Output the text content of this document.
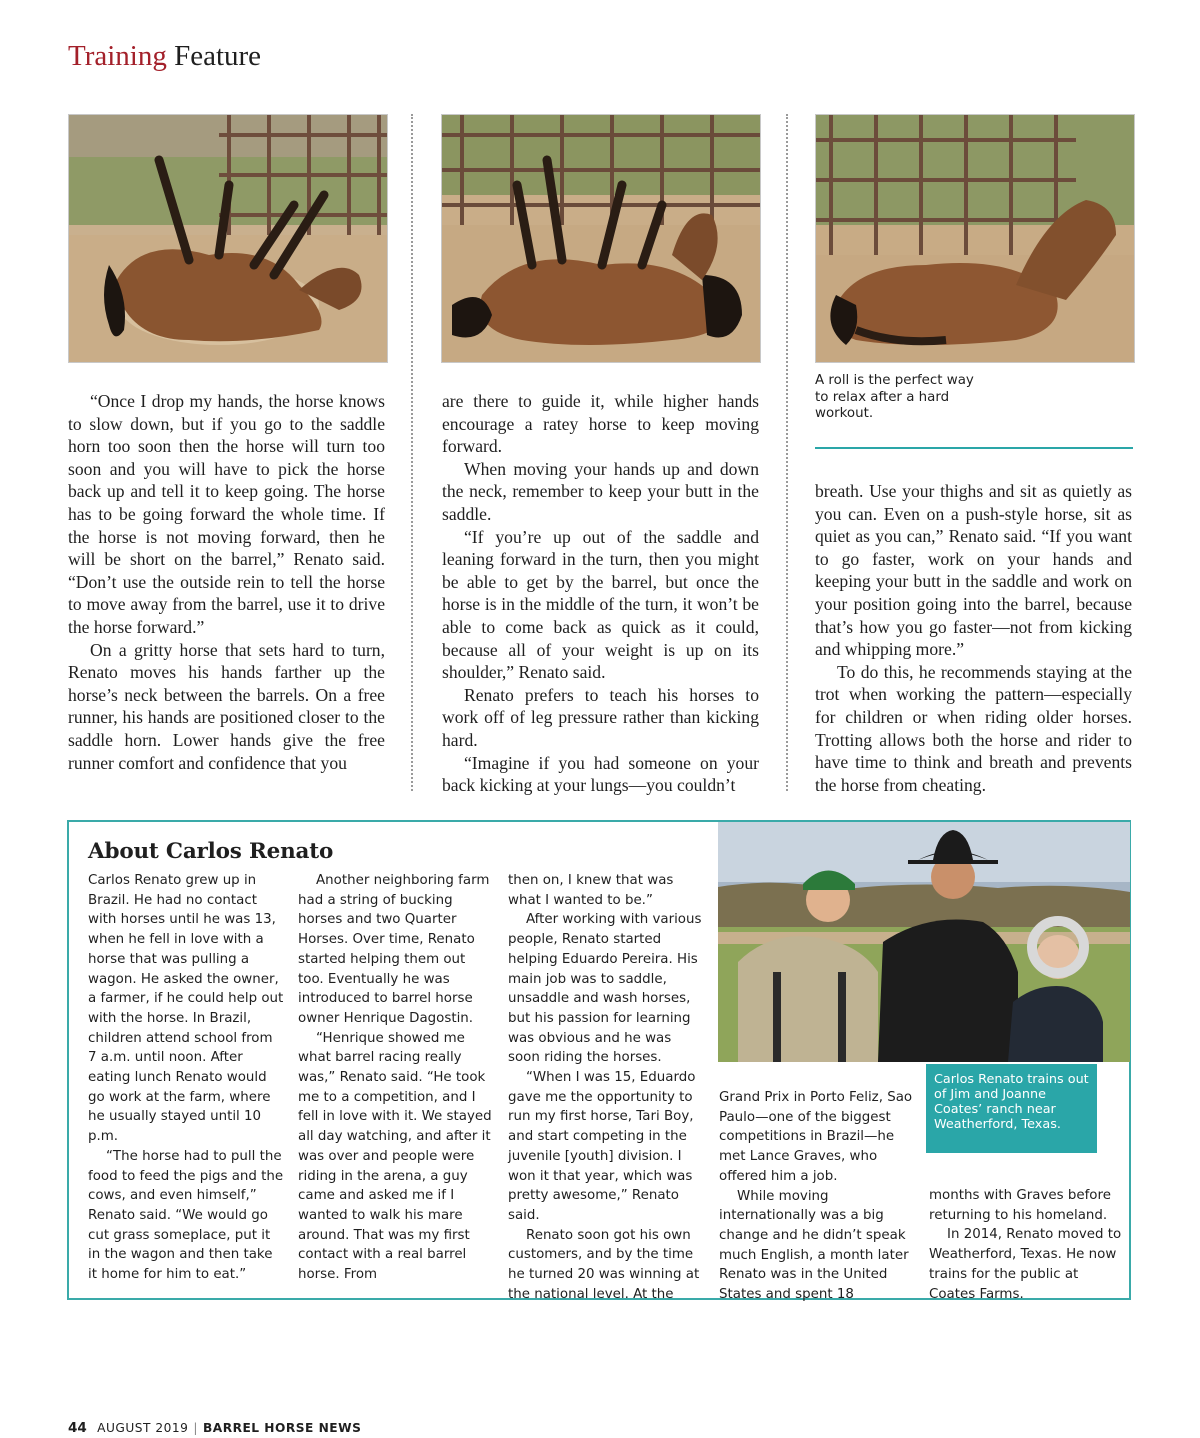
Training Feature
A roll is the perfect way to relax after a hard workout.

“Once I drop my hands, the horse knows to slow down, but if you go to the saddle horn too soon then the horse will turn too soon and you will have to pick the horse back up and tell it to keep going. The horse has to be going forward the whole time. If the horse is not moving forward, then he will be short on the barrel,” Renato said. “Don’t use the outside rein to tell the horse to move away from the barrel, use it to drive the horse forward.”

On a gritty horse that sets hard to turn, Renato moves his hands farther up the horse’s neck between the barrels. On a free runner, his hands are positioned closer to the saddle horn. Lower hands give the free runner comfort and confidence that you

are there to guide it, while higher hands encourage a ratey horse to keep moving forward.

When moving your hands up and down the neck, remember to keep your butt in the saddle.

“If you’re up out of the saddle and leaning forward in the turn, then you might be able to get by the barrel, but once the horse is in the middle of the turn, it won’t be able to come back as quick as it could, because all of your weight is up on its shoulder,” Renato said.

Renato prefers to teach his horses to work off of leg pressure rather than kicking hard.

“Imagine if you had someone on your back kicking at your lungs—you couldn’t

breath. Use your thighs and sit as quietly as you can. Even on a push-style horse, sit as quiet as you can,” Renato said. “If you want to go faster, work on your hands and keeping your butt in the saddle and work on your position going into the barrel, because that’s how you go faster—not from kicking and whipping more.”

To do this, he recommends staying at the trot when working the pattern—especially for children or when riding older horses. Trotting allows both the horse and rider to have time to think and breath and prevents the horse from cheating.

About Carlos Renato

Carlos Renato grew up in Brazil. He had no contact with horses until he was 13, when he fell in love with a horse that was pulling a wagon. He asked the owner, a farmer, if he could help out with the horse. In Brazil, children attend school from 7 a.m. until noon. After eating lunch Renato would go work at the farm, where he usually stayed until 10 p.m.

“The horse had to pull the food to feed the pigs and the cows, and even himself,” Renato said. “We would go cut grass someplace, put it in the wagon and then take it home for him to eat.”

Another neighboring farm had a string of bucking horses and two Quarter Horses. Over time, Renato started helping them out too. Eventually he was introduced to barrel horse owner Henrique Dagostin.

“Henrique showed me what barrel racing really was,” Renato said. “He took me to a competition, and I fell in love with it. We stayed all day watching, and after it was over and people were riding in the arena, a guy came and asked me if I wanted to walk his mare around. That was my first contact with a real barrel horse. From

then on, I knew that was what I wanted to be.”

After working with various people, Renato started helping Eduardo Pereira. His main job was to saddle, unsaddle and wash horses, but his passion for learning was obvious and he was soon riding the horses.

“When I was 15, Eduardo gave me the opportunity to run my first horse, Tari Boy, and start competing in the juvenile [youth] division. I won it that year, which was pretty awesome,” Renato said.

Renato soon got his own customers, and by the time he turned 20 was winning at the national level. At the

Carlos Renato trains out of Jim and Joanne Coates’ ranch near Weatherford, Texas.

Grand Prix in Porto Feliz, Sao Paulo—one of the biggest competitions in Brazil—he met Lance Graves, who offered him a job.

While moving internationally was a big change and he didn’t speak much English, a month later Renato was in the United States and spent 18

months with Graves before returning to his homeland.

In 2014, Renato moved to Weatherford, Texas. He now trains for the public at Coates Farms.

44 AUGUST 2019 | BARREL HORSE NEWS
